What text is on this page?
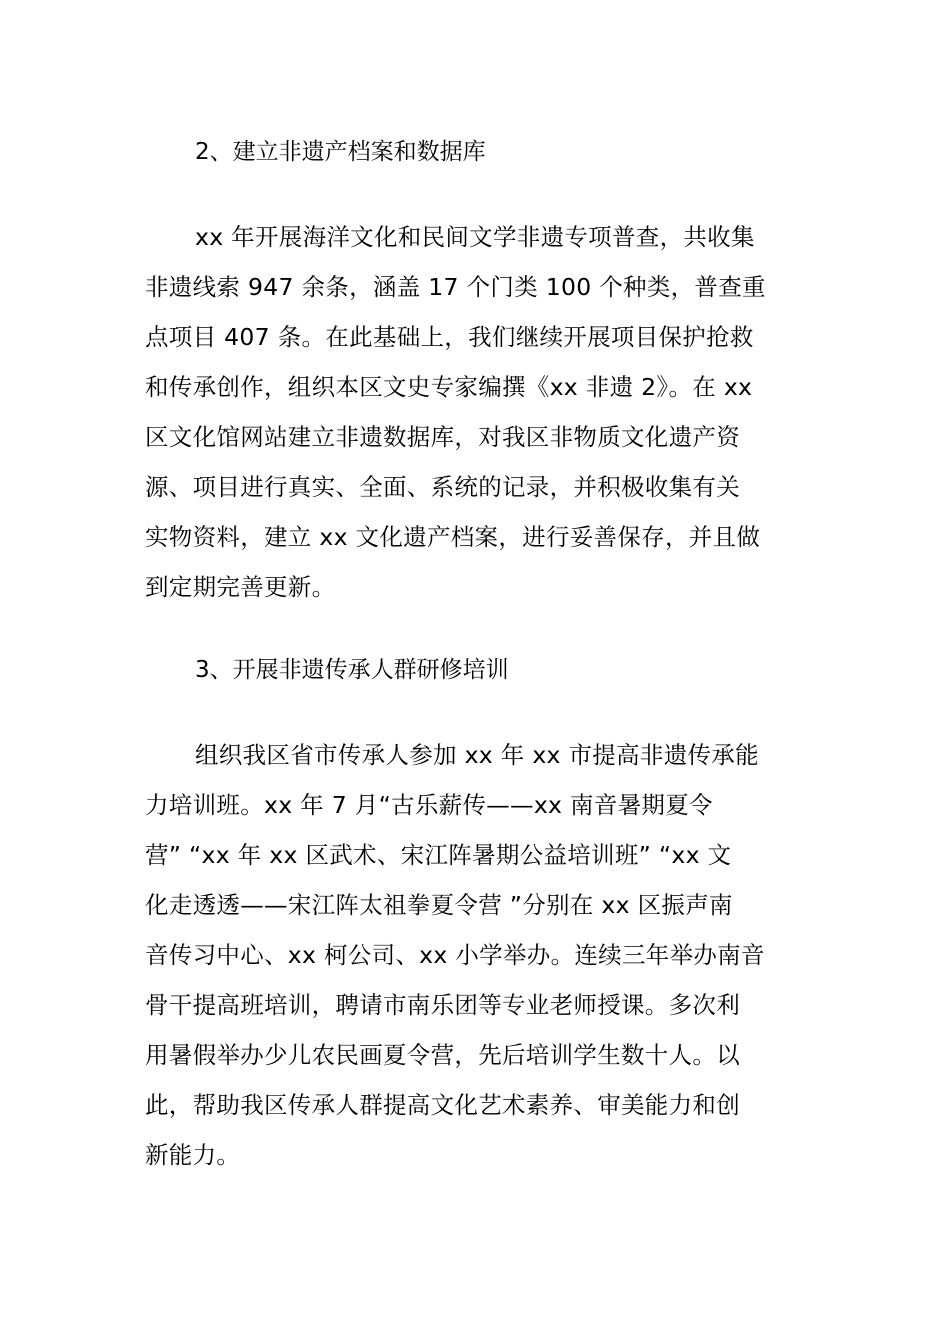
2、建立非遗产档案和数据库
xx 年开展海洋文化和民间文学非遗专项普查，共收集
非遗线索 947 余条，涵盖 17 个门类 100 个种类，普查重
点项目 407 条。在此基础上，我们继续开展项目保护抢救
和传承创作，组织本区文史专家编撰《xx 非遗 2》。在 xx
区文化馆网站建立非遗数据库，对我区非物质文化遗产资
源、项目进行真实、全面、系统的记录，并积极收集有关
实物资料，建立 xx 文化遗产档案，进行妥善保存，并且做
到定期完善更新。
3、开展非遗传承人群研修培训
组织我区省市传承人参加 xx 年 xx 市提高非遗传承能
力培训班。xx 年 7 月“古乐薪传——xx 南音暑期夏令
营” “xx 年 xx 区武术、宋江阵暑期公益培训班” “xx 文
化走透透——宋江阵太祖拳夏令营 ”分别在 xx 区振声南
音传习中心、xx 柯公司、xx 小学举办。连续三年举办南音
骨干提高班培训，聘请市南乐团等专业老师授课。多次利
用暑假举办少儿农民画夏令营，先后培训学生数十人。以
此，帮助我区传承人群提高文化艺术素养、审美能力和创
新能力。
